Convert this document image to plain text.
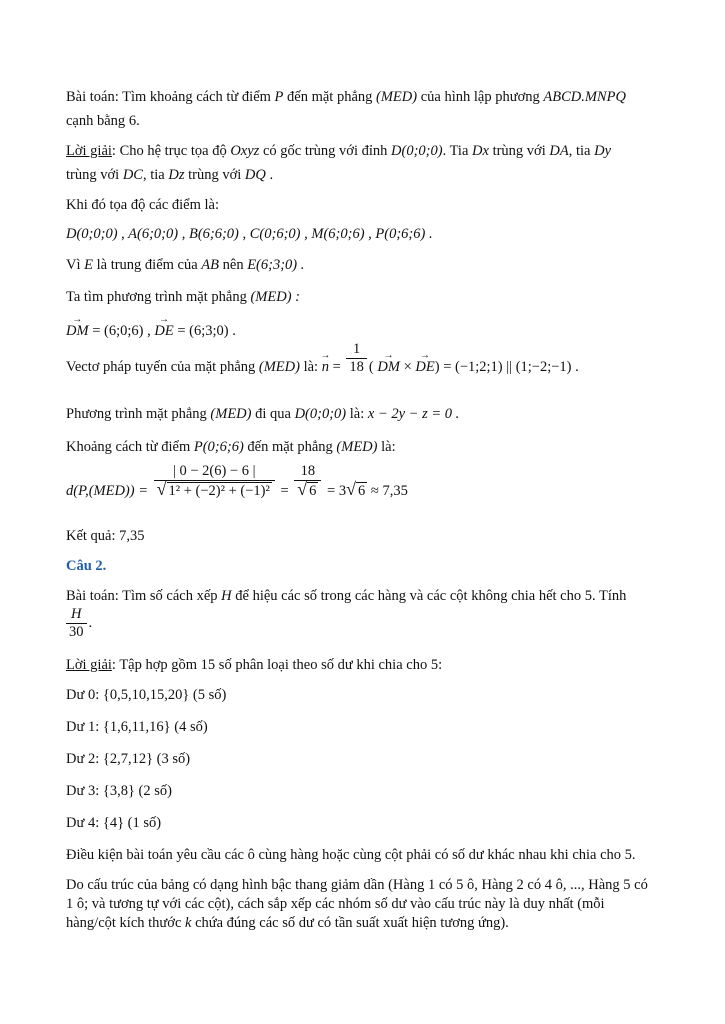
Bài toán: Tìm khoảng cách từ điểm P đến mặt phẳng (MED) của hình lập phương ABCD.MNPQ
cạnh bằng 6.
Lời giải: Cho hệ trục tọa độ Oxyz có gốc trùng với đỉnh D(0;0;0). Tia Dx trùng với DA, tia Dy
trùng với DC, tia Dz trùng với DQ .
Khi đó tọa độ các điểm là:
D(0;0;0) , A(6;0;0) , B(6;6;0) , C(0;6;0) , M(6;0;6) , P(0;6;6) .
Vì E là trung điểm của AB nên E(6;3;0) .
Ta tìm phương trình mặt phẳng (MED) :
→ DM = (6;0;6) , → DE = (6;3;0) .
Vectơ pháp tuyến của mặt phẳng (MED) là: → $n = \frac{1}{18}$ ( → DM × → DE) = (−1;2;1) || (1;−2;−1) .
Phương trình mặt phẳng (MED) đi qua D(0;0;0) là: x − 2y − z = 0 .
Khoảng cách từ điểm P(0;6;6) đến mặt phẳng (MED) là:
$d(P,(MED)) = \frac{| 0 - 2(6) - 6 |}{\text{√ 1² + (−2)² + (−1)²}} = \frac{18}{√ 6} = 3√$ 6 ≈ 7,35
Kết quả: 7,35
Câu 2.
Bài toán: Tìm số cách xếp H để hiệu các số trong các hàng và các cột không chia hết cho 5. Tính
$\frac{H}{30}$ .
Lời giải: Tập hợp gồm 15 số phân loại theo số dư khi chia cho 5:
Dư 0: {0,5,10,15,20} (5 số)
Dư 1: {1,6,11,16} (4 số)
Dư 2: {2,7,12} (3 số)
Dư 3: {3,8} (2 số)
Dư 4: {4} (1 số)
Điều kiện bài toán yêu cầu các ô cùng hàng hoặc cùng cột phải có số dư khác nhau khi chia cho 5.
Do cấu trúc của bảng có dạng hình bậc thang giảm dần (Hàng 1 có 5 ô, Hàng 2 có 4 ô, ..., Hàng 5 có
1 ô; và tương tự với các cột), cách sắp xếp các nhóm số dư vào cấu trúc này là duy nhất (mỗi
hàng/cột kích thước k chứa đúng các số dư có tần suất xuất hiện tương ứng).
